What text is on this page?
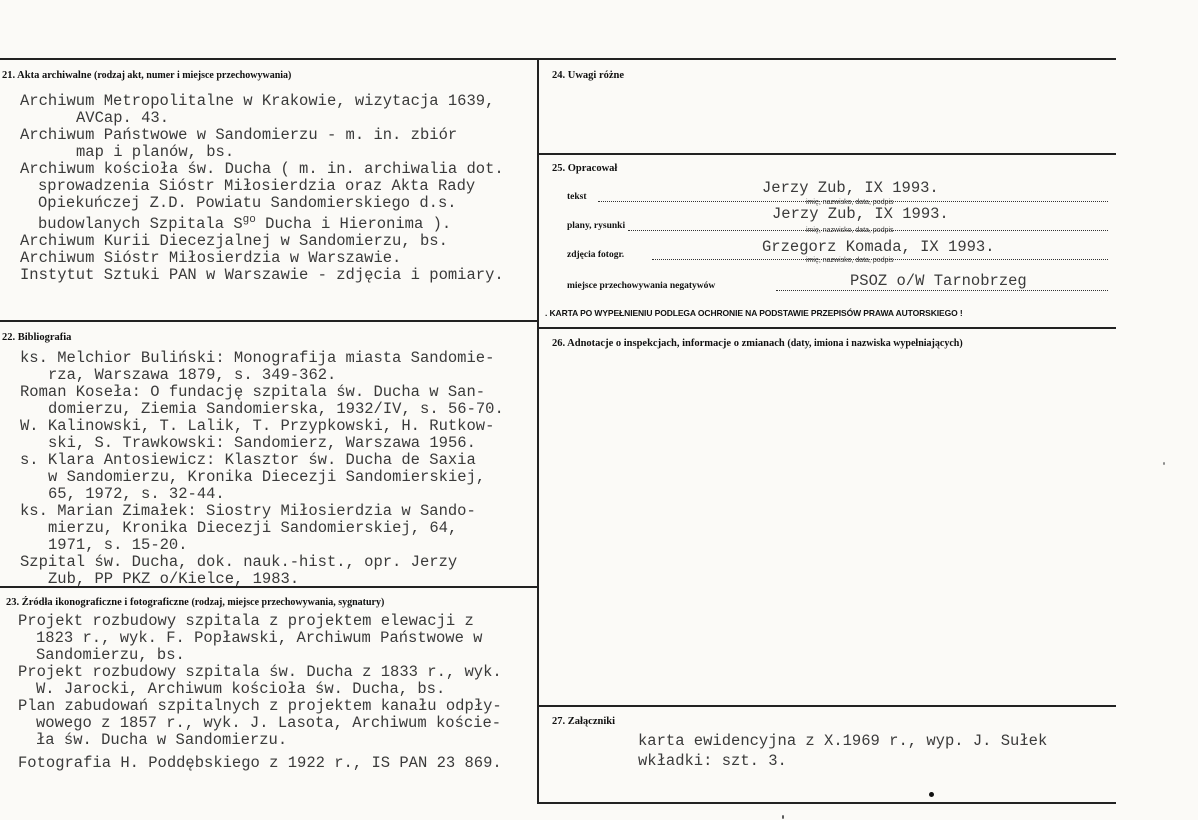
21. Akta archiwalne (rodzaj akt, numer i miejsce przechowywania)
Archiwum Metropolitalne w Krakowie, wizytacja 1639,
AVCap. 43.
Archiwum Państwowe w Sandomierzu - m. in. zbiór
map i planów, bs.
Archiwum kościoła św. Ducha ( m. in. archiwalia dot.
sprowadzenia Sióstr Miłosierdzia oraz Akta Rady
Opiekuńczej Z.D. Powiatu Sandomierskiego d.s.
budowlanych Szpitala $S^{go}$ Ducha i Hieronima ).
Archiwum Kurii Diecezjalnej w Sandomierzu, bs.
Archiwum Sióstr Miłosierdzia w Warszawie.
Instytut Sztuki PAN w Warszawie - zdjęcia i pomiary.
22. Bibliografia
ks. Melchior Buliński: Monografija miasta Sandomie-
rza, Warszawa 1879, s. 349-362.
Roman Koseła: O fundację szpitala św. Ducha w San-
domierzu, Ziemia Sandomierska, 1932/IV, s. 56-70.
W. Kalinowski, T. Lalik, T. Przypkowski, H. Rutkow-
ski, S. Trawkowski: Sandomierz, Warszawa 1956.
s. Klara Antosiewicz: Klasztor św. Ducha de Saxia
w Sandomierzu, Kronika Diecezji Sandomierskiej,
65, 1972, s. 32-44.
ks. Marian Zimałek: Siostry Miłosierdzia w Sando-
mierzu, Kronika Diecezji Sandomierskiej, 64,
1971, s. 15-20.
Szpital św. Ducha, dok. nauk.-hist., opr. Jerzy
Zub, PP PKZ o/Kielce, 1983.
23. Źródła ikonograficzne i fotograficzne (rodzaj, miejsce przechowywania, sygnatury)
Projekt rozbudowy szpitala z projektem elewacji z
1823 r., wyk. F. Popławski, Archiwum Państwowe w
Sandomierzu, bs.
Projekt rozbudowy szpitala św. Ducha z 1833 r., wyk.
W. Jarocki, Archiwum kościoła św. Ducha, bs.
Plan zabudowań szpitalnych z projektem kanału odpły-
wowego z 1857 r., wyk. J. Lasota, Archiwum koście-
ła św. Ducha w Sandomierzu.
Fotografia H. Poddębskiego z 1922 r., IS PAN 23 869.
24. Uwagi różne
25. Opracował
tekst	Jerzy Zub, IX 1993.
imię, nazwisko, data, podpis
plany, rysunki
Jerzy Zub, IX 1993.
imię, nazwisko, data, podpis
zdjęcia fotogr.	Grzegorz Komada, IX 1993.
imię, nazwisko, data, podpis
miejsce przechowywania negatywów	PSOZ o/W Tarnobrzeg
. KARTA PO WYPEŁNIENIU PODLEGA OCHRONIE NA PODSTAWIE PRZEPISÓW PRAWA AUTORSKIEGO !
26. Adnotacje o inspekcjach, informacje o zmianach (daty, imiona i nazwiska wypełniających)
27. Załączniki
karta ewidencyjna z X.1969 r., wyp. J. Sułek
wkładki: szt. 3.
